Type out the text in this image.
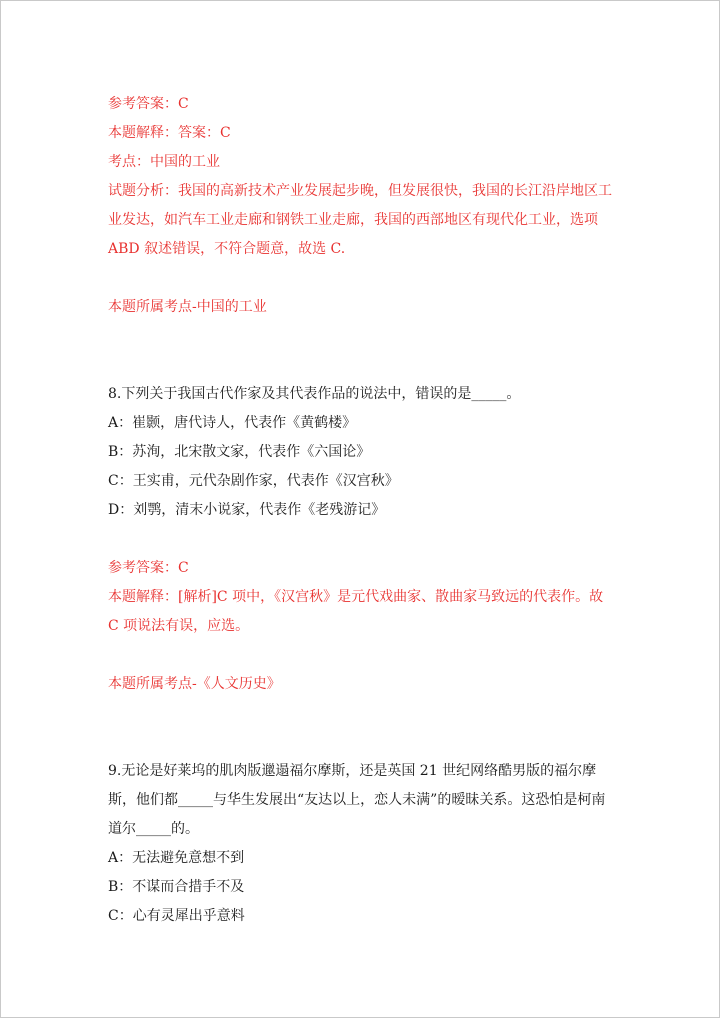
参考答案：C

本题解释：答案：C

考点：中国的工业

试题分析：我国的高新技术产业发展起步晚，但发展很快，我国的长江沿岸地区工业发达，如汽车工业走廊和钢铁工业走廊，我国的西部地区有现代化工业，选项 ABD 叙述错误，不符合题意，故选 C.

本题所属考点-中国的工业

8.下列关于我国古代作家及其代表作品的说法中，错误的是_____。

A：崔颢，唐代诗人，代表作《黄鹤楼》

B：苏洵，北宋散文家，代表作《六国论》

C：王实甫，元代杂剧作家，代表作《汉宫秋》

D：刘鹗，清末小说家，代表作《老残游记》

参考答案：C

本题解释：[解析]C 项中，《汉宫秋》是元代戏曲家、散曲家马致远的代表作。故 C 项说法有误，应选。

本题所属考点-《人文历史》

9.无论是好莱坞的肌肉版邋遢福尔摩斯，还是英国 21 世纪网络酷男版的福尔摩斯，他们都_____与华生发展出“友达以上，恋人未满”的暧昧关系。这恐怕是柯南道尔_____的。

A：无法避免意想不到

B：不谋而合措手不及

C：心有灵犀出乎意料
